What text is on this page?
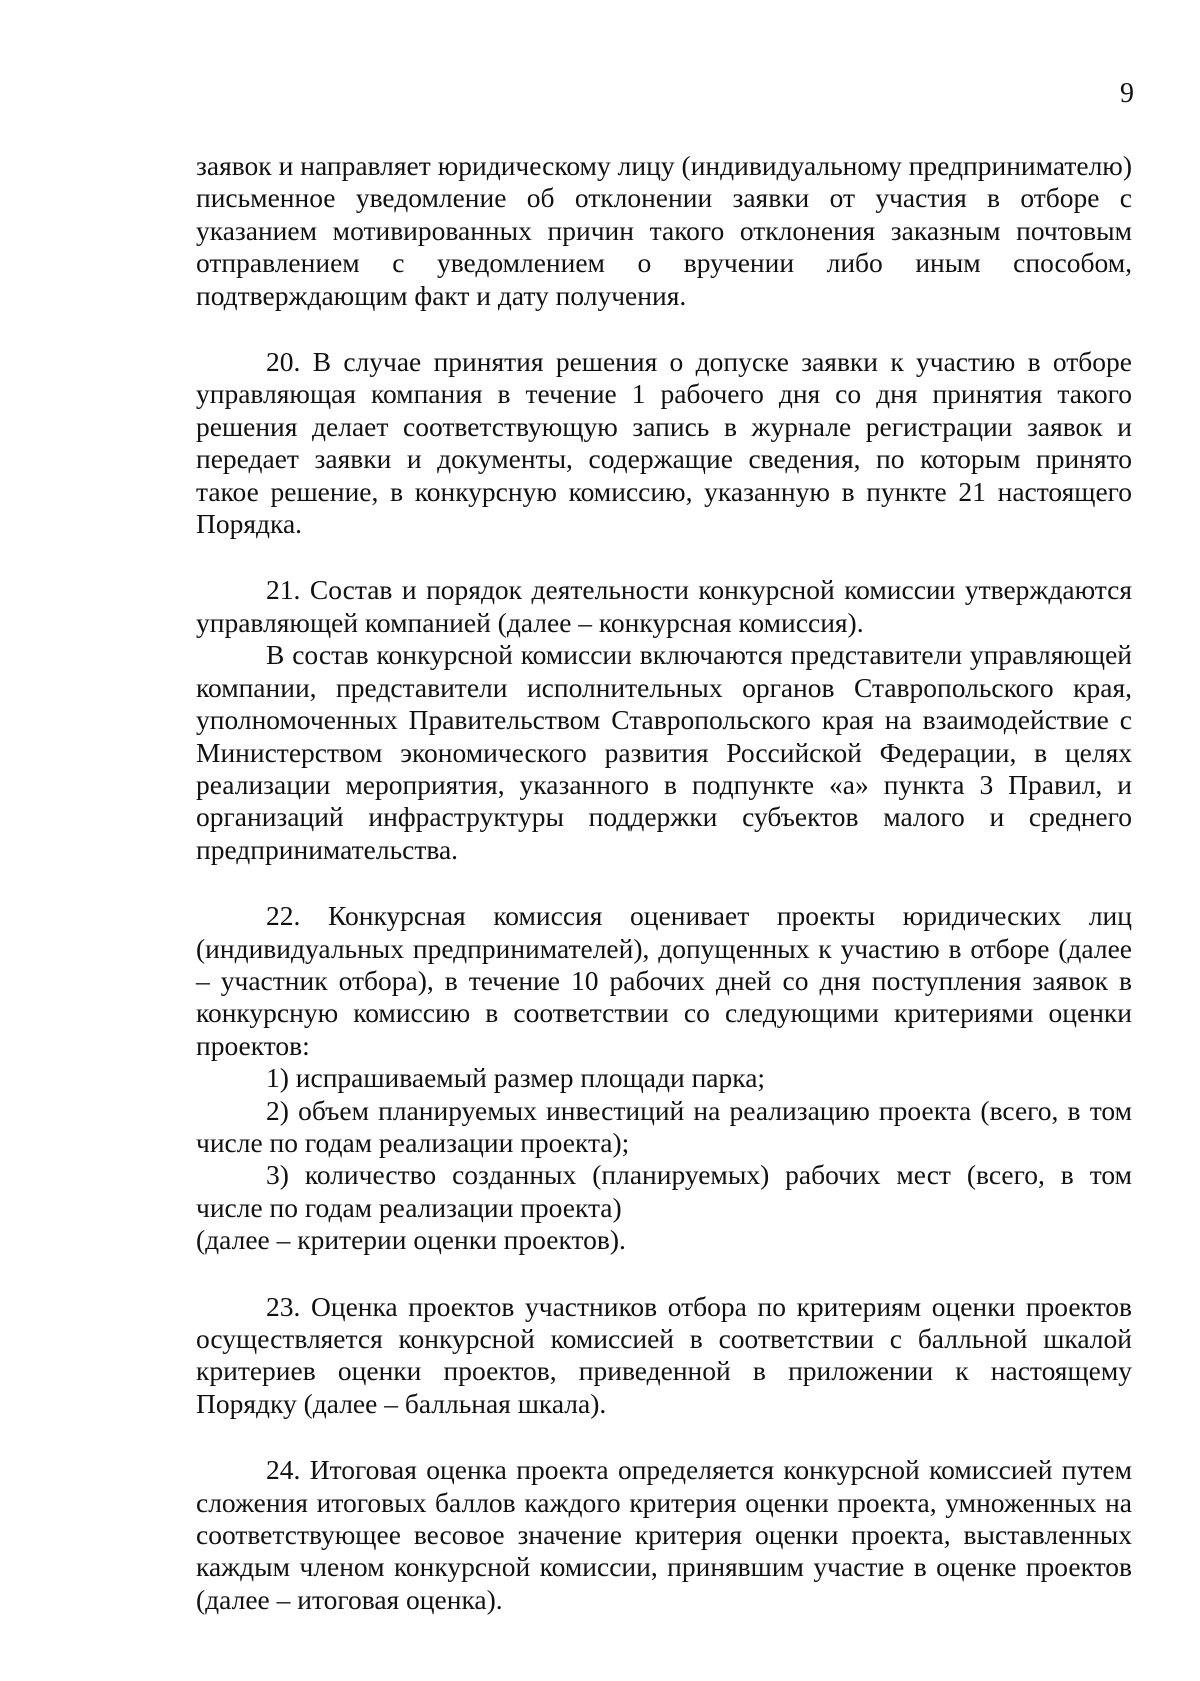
9

заявок и направляет юридическому лицу (индивидуальному предпринимателю) письменное уведомление об отклонении заявки от участия в отборе с указанием мотивированных причин такого отклонения заказным почтовым отправлением с уведомлением о вручении либо иным способом, подтверждающим факт и дату получения.

20. В случае принятия решения о допуске заявки к участию в отборе управляющая компания в течение 1 рабочего дня со дня принятия такого решения делает соответствующую запись в журнале регистрации заявок и передает заявки и документы, содержащие сведения, по которым принято такое решение, в конкурсную комиссию, указанную в пункте 21 настоящего Порядка.

21. Состав и порядок деятельности конкурсной комиссии утверждаются управляющей компанией (далее – конкурсная комиссия).

В состав конкурсной комиссии включаются представители управляющей компании, представители исполнительных органов Ставропольского края, уполномоченных Правительством Ставропольского края на взаимодействие с Министерством экономического развития Российской Федерации, в целях реализации мероприятия, указанного в подпункте «а» пункта 3 Правил, и организаций инфраструктуры поддержки субъектов малого и среднего предпринимательства.

22. Конкурсная комиссия оценивает проекты юридических лиц (индивидуальных предпринимателей), допущенных к участию в отборе (далее – участник отбора), в течение 10 рабочих дней со дня поступления заявок в конкурсную комиссию в соответствии со следующими критериями оценки проектов:

1) испрашиваемый размер площади парка;

2) объем планируемых инвестиций на реализацию проекта (всего, в том числе по годам реализации проекта);

3) количество созданных (планируемых) рабочих мест (всего, в том числе по годам реализации проекта)

(далее – критерии оценки проектов).

23. Оценка проектов участников отбора по критериям оценки проектов осуществляется конкурсной комиссией в соответствии с балльной шкалой критериев оценки проектов, приведенной в приложении к настоящему Порядку (далее – балльная шкала).

24. Итоговая оценка проекта определяется конкурсной комиссией путем сложения итоговых баллов каждого критерия оценки проекта, умноженных на соответствующее весовое значение критерия оценки проекта, выставленных каждым членом конкурсной комиссии, принявшим участие в оценке проектов (далее – итоговая оценка).
